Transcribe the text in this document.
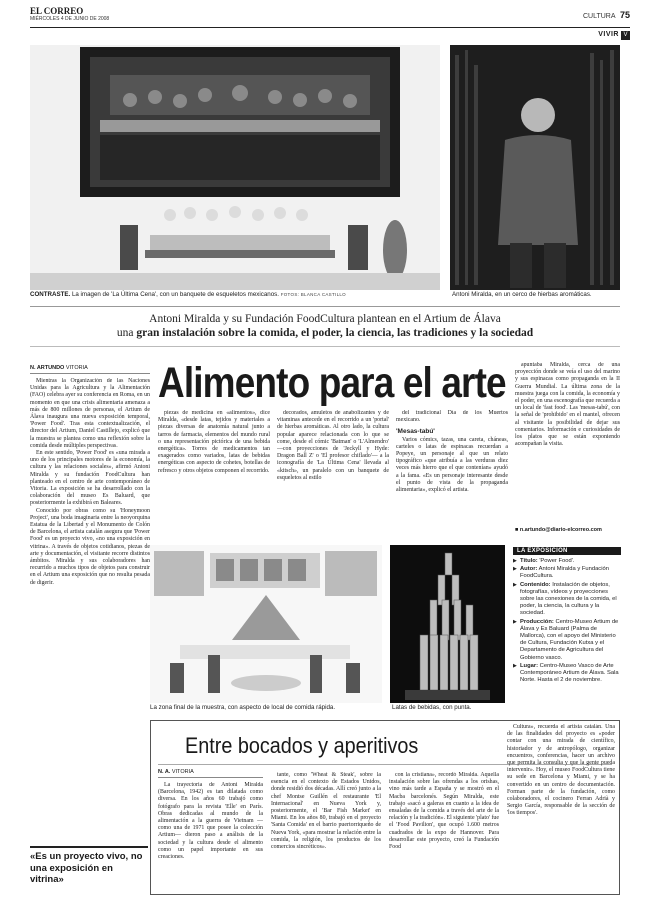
EL CORREO
MIÉRCOLES 4 DE JUNIO DE 2008	CULTURA 75
VIVIR V
CONTRASTE. La imagen de 'La Última Cena', con un banquete de esqueletos mexicanos. FOTOS: BLANCA CASTILLO	Antoni Miralda, en un cerco de hierbas aromáticas.
Antoni Miralda y su Fundación FoodCultura plantean en el Artium de Álava
una gran instalación sobre la comida, el poder, la ciencia, las tradiciones y la sociedad
N. ARTUNDO VITORIA	Alimento para el arte

Mientras la Organización de las Naciones Unidas para la Agricultura y la Alimentación (FAO) celebra ayer su conferencia en Roma, en un momento en que una crisis alimentaria amenaza a más de 800 millones de personas, el Artium de Álava inaugura una nueva exposición temporal, 'Power Food'. Tras esta contextualización, el director del Artium, Daniel Castillejo, explicó que la muestra se plantea como una reflexión sobre la comida desde múltiples perspectivas.

En este sentido, 'Power Food' es «una mirada a uno de los principales motores de la economía, la cultura y las relaciones sociales», afirmó Antoni Miralda y su fundación FoodCultura han planteado en el centro de arte contemporáneo de Vitoria. La exposición se ha desarrollado con la colaboración del museo Es Baluard, que posteriormente la exhibirá en Baleares.

Conocido por obras como su 'Honeymoon Project', una boda imaginaria entre la neoyorquina Estatua de la Libertad y el Monumento de Colón de Barcelona, el artista catalán asegura que 'Power Food' es un proyecto vivo, «no una exposición en vitrina». A través de objetos cotidianos, piezas de arte y documentación, el visitante recorre distintos ámbitos. Miralda y sus colaboradores han recurrido a muchos tipos de objetos para construir en el Artium una exposición que no resulta pesada de digerir.

piezas de medicina en «alimentos», dice Miralda, «desde latas, tejidos y materiales a piezas diversas de anatomía natural junto a tarros de farmacia, elementos del mundo rural o una representación pictórica de una bebida energética». Torres de medicamentos tan exagerados como variados, latas de bebidas energéticas con aspecto de cohetes, botellas de refresco y otros objetos componen el recorrido.

decorados, amuletos de anabolizantes y de vitaminas antecede en el recorrido a un 'portal' de hierbas aromáticas. Al otro lado, la cultura popular aparece relacionada con lo que se come, desde el cómic 'Batman' o 'L'Almendro' —con proyecciones de 'Jeckyll y Hyde: Dragon Ball Z' o 'El profesor chiflado'— a la iconografía de 'La Última Cena' llevada al «kitsch», un paralelo con un banquete de esqueletos al estilo

del tradicional Día de los Muertos mexicano.

'Mesas-tabú'

Varios cómics, tazas, una careta, cháneas, carteles o latas de espinacas recuerdan a Popeye, un personaje al que un relato tipográfico «que atribuía a las verduras diez veces más hierro que el que contenían» ayudó a la fama. «Es un personaje interesante desde el punto de vista de la propaganda alimentaria», explicó el artista.

apuntaba Miralda, cerca de una proyección donde se veía el uso del marino y sus espinacas como propaganda en la II Guerra Mundial. La última zona de la muestra juega con la comida, la economía y el poder, en una escenografía que recuerda a un local de 'fast food'. Las 'mesas-tabú', con la señal de 'prohibido' en el mantel, ofrecen al visitante la posibilidad de dejar sus comentarios. Información e curiosidades de los platos que se están exponiendo acompañan la visita.

■ n.artundo@diario-elcorreo.com
La zona final de la muestra, con aspecto de local de comida rápida.	Latas de bebidas, con punta.
LA EXPOSICIÓN
▶ Título: 'Power Food'.
▶ Autor: Antoni Miralda y Fundación FoodCultura.
▶ Contenido: Instalación de objetos, fotografías, vídeos y proyecciones sobre las conexiones de la comida, el poder, la ciencia, la cultura y la sociedad.
▶ Producción: Centro-Museo Artium de Álava y Es Baluard (Palma de Mallorca), con el apoyo del Ministerio de Cultura, Fundación Kutxa y el Departamento de Agricultura del Gobierno vasco.
▶ Lugar: Centro-Museo Vasco de Arte Contemporáneo Artium de Álava. Sala Norte. Hasta el 2 de noviembre.
Entre bocados y aperitivos
N. A. VITORIA

La trayectoria de Antoni Miralda (Barcelona, 1942) es tan dilatada como diversa. En los años 60 trabajó como fotógrafo para la revista 'Elle' en París. Obras dedicadas al mundo de la alimentación a la guerra de Vietnam —como una de 1971 que posee la colección Artium— dieron paso a análisis de la sociedad y la cultura desde el alimento como un papel importante en sus creaciones.

tante, como 'Wheat & Steak', sobre la esencia en el contexto de Estados Unidos, donde residió dos décadas. Allí creó junto a la chef Montse Guillén el restaurante 'El Internacional' en Nueva York y, posteriormente, el 'Bar Fish Market' en Miami. En los años 80, trabajó en el proyecto 'Santa Comida' en el barrio puertorriqueño de Nueva York, «para mostrar la relación entre la comida, la religión, los productos de los comercios sincréticos».

con la cristiana», recordó Miralda. Aquella instalación sobre las ofrendas a los orishas, vino más tarde a España y se mostró en el Macba barcelonés. Según Miralda, este trabajo «sacó a galeras en cuanto a la idea de ensaladas de la comida a través del arte de la relación y la tradición». El siguiente 'plato' fue el 'Food Pavilion', que ocupó 1.600 metros cuadrados de la expo de Hannover. Para desarrollar este proyecto, creó la Fundación Food

Cultura», recuerda el artista catalán. Una de las finalidades del proyecto es «poder contar con una mirada de científico, historiador y de antropólogo, organizar encuentros, conferencias, hacer un archivo que permita la consulta y que la gente pueda intervenir». Hoy, el museo FoodCultura tiene su sede en Barcelona y Miami, y se ha convertido en un centro de documentación. Forman parte de la fundación, como colaboradores, el cocinero Ferran Adrià y Sergio García, responsable de la sección de 'los tiempos'.

«Es un proyecto vivo, no una exposición en vitrina»
